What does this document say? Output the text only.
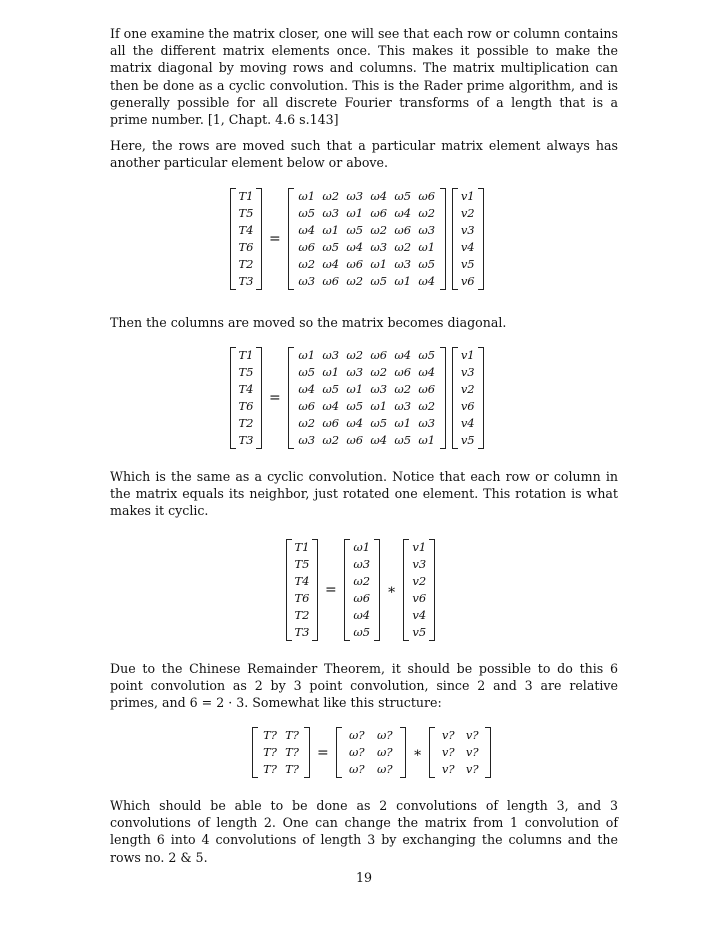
If one examine the matrix closer, one will see that each row or column contains all the different matrix elements once. This makes it possible to make the matrix diagonal by moving rows and columns. The matrix multiplication can then be done as a cyclic convolution. This is the Rader prime algorithm, and is generally possible for all discrete Fourier transforms of a length that is a prime number. [1, Chapt. 4.6 s.143]

Here, the rows are moved such that a particular matrix element always has another particular element below or above.

T1
T5
T4
T6
T2
T3
=
ω1 ω2 ω3 ω4 ω5 ω6
ω5 ω3 ω1 ω6 ω4 ω2
ω4 ω1 ω5 ω2 ω6 ω3
ω6 ω5 ω4 ω3 ω2 ω1
ω2 ω4 ω6 ω1 ω3 ω5
ω3 ω6 ω2 ω5 ω1 ω4
v1
v2
v3
v4
v5
v6

Then the columns are moved so the matrix becomes diagonal.

T1
T5
T4
T6
T2
T3
=
ω1 ω3 ω2 ω6 ω4 ω5
ω5 ω1 ω3 ω2 ω6 ω4
ω4 ω5 ω1 ω3 ω2 ω6
ω6 ω4 ω5 ω1 ω3 ω2
ω2 ω6 ω4 ω5 ω1 ω3
ω3 ω2 ω6 ω4 ω5 ω1
v1
v3
v2
v6
v4
v5

Which is the same as a cyclic convolution. Notice that each row or column in the matrix equals its neighbor, just rotated one element. This rotation is what makes it cyclic.

T1
T5
T4
T6
T2
T3
=
ω1
ω3
ω2
ω6
ω4
ω5
∗
v1
v3
v2
v6
v4
v5

Due to the Chinese Remainder Theorem, it should be possible to do this 6 point convolution as 2 by 3 point convolution, since 2 and 3 are relative primes, and 6 = 2 · 3. Somewhat like this structure:

T? T?
T? T?
T? T?
=
ω?	ω?
ω?	ω?
ω?	ω?
∗
v? v?
v? v?
v? v?

Which should be able to be done as 2 convolutions of length 3, and 3 convolutions of length 2. One can change the matrix from 1 convolution of length 6 into 4 convolutions of length 3 by exchanging the columns and the rows no. 2 & 5.

19
